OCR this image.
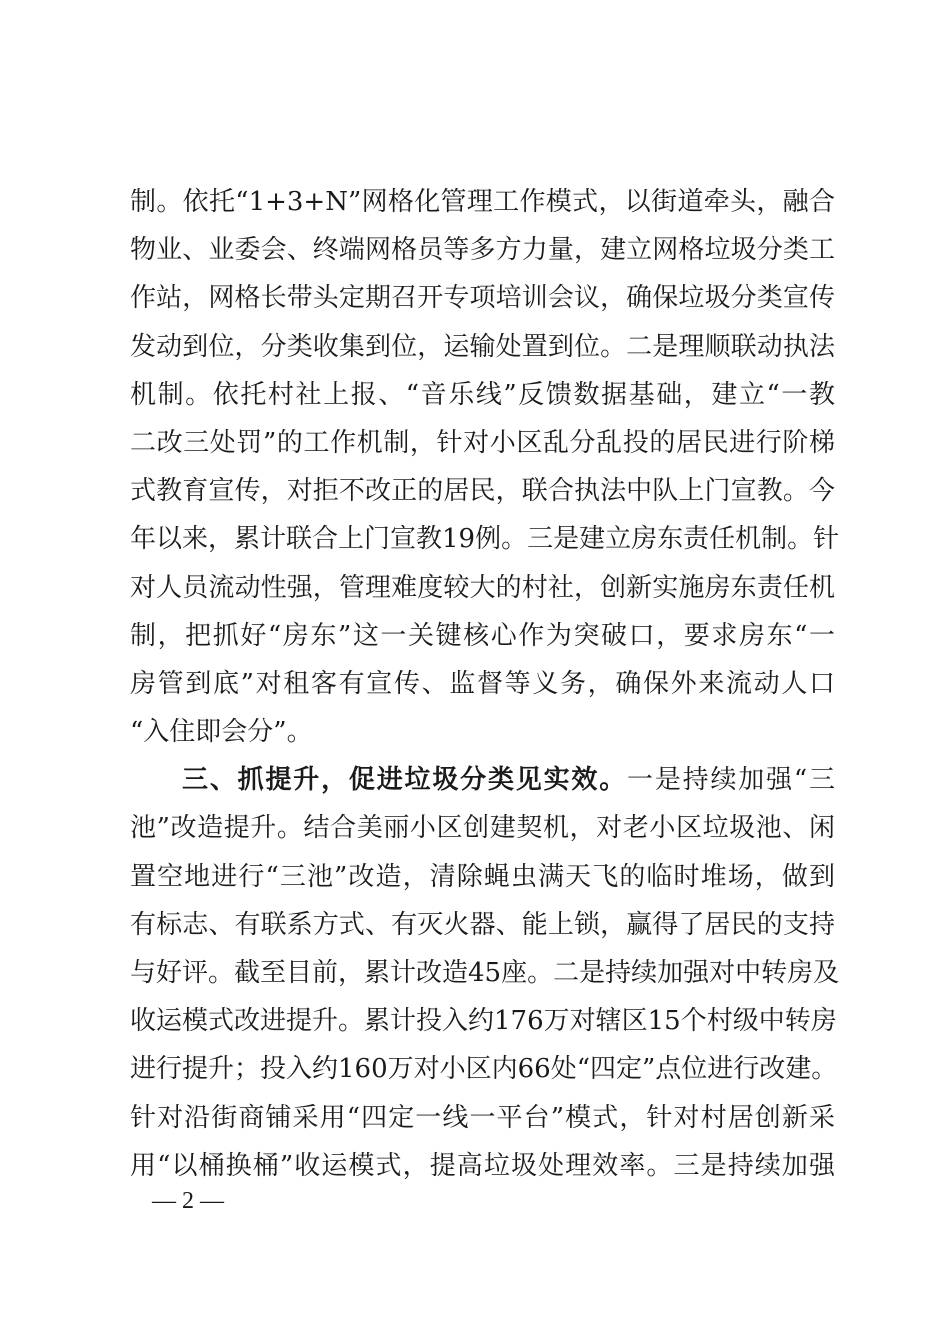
制。依托“1+3+N”网格化管理工作模式，以街道牵头，融合
物业、业委会、终端网格员等多方力量，建立网格垃圾分类工
作站，网格长带头定期召开专项培训会议，确保垃圾分类宣传
发动到位，分类收集到位，运输处置到位。二是理顺联动执法
机制。依托村社上报、“音乐线”反馈数据基础，建立“一教
二改三处罚”的工作机制，针对小区乱分乱投的居民进行阶梯
式教育宣传，对拒不改正的居民，联合执法中队上门宣教。今
年以来，累计联合上门宣教19例。三是建立房东责任机制。针
对人员流动性强，管理难度较大的村社，创新实施房东责任机
制，把抓好“房东”这一关键核心作为突破口，要求房东“一
房管到底”对租客有宣传、监督等义务，确保外来流动人口
“入住即会分”。
三、抓提升，促进垃圾分类见实效。一是持续加强“三
池”改造提升。结合美丽小区创建契机，对老小区垃圾池、闲
置空地进行“三池”改造，清除蝇虫满天飞的临时堆场，做到
有标志、有联系方式、有灭火器、能上锁，赢得了居民的支持
与好评。截至目前，累计改造45座。二是持续加强对中转房及
收运模式改进提升。累计投入约176万对辖区15个村级中转房
进行提升；投入约160万对小区内66处“四定”点位进行改建。
针对沿街商铺采用“四定一线一平台”模式，针对村居创新采
用“以桶换桶”收运模式，提高垃圾处理效率。三是持续加强
— 2 —
